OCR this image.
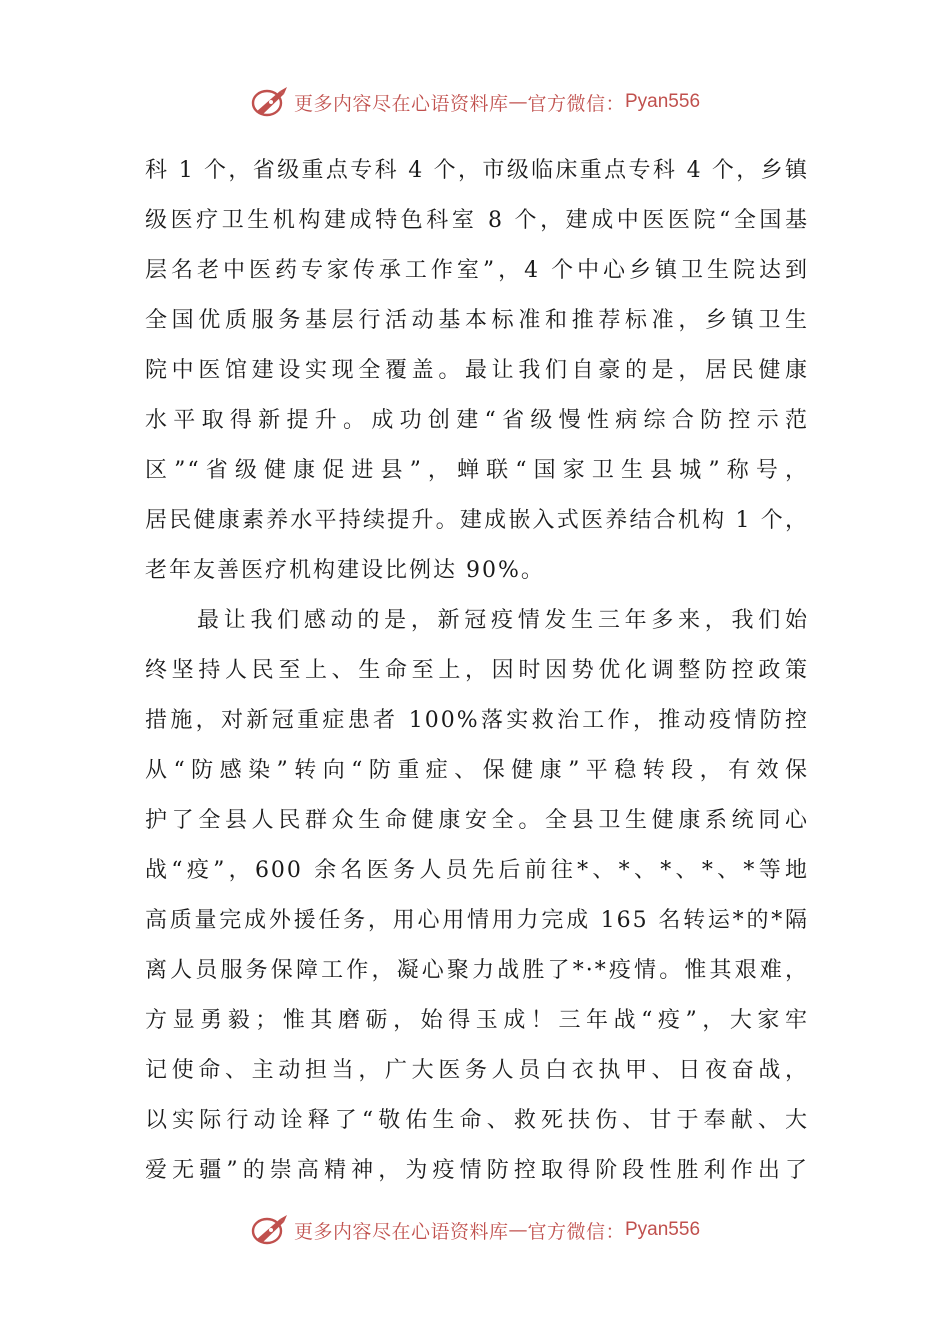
更多内容尽在心语资料库 — 官方微信： Pyan556
科 1 个，省级重点专科 4 个，市级临床重点专科 4 个，乡镇
级医疗卫生机构建成特色科室 8 个，建成中医医院“全国基
层名老中医药专家传承工作室”，4 个中心乡镇卫生院达到
全国优质服务基层行活动基本标准和推荐标准，乡镇卫生
院中医馆建设实现全覆盖。最让我们自豪的是，居民健康
水平取得新提升。成功创建“省级慢性病综合防控示范
区”“省级健康促进县”，蝉联“国家卫生县城”称号，
居民健康素养水平持续提升。建成嵌入式医养结合机构 1 个，
老年友善医疗机构建设比例达 90%。
最让我们感动的是，新冠疫情发生三年多来，我们始
终坚持人民至上、生命至上，因时因势优化调整防控政策
措施，对新冠重症患者 100%落实救治工作，推动疫情防控
从“防感染”转向“防重症、保健康”平稳转段，有效保
护了全县人民群众生命健康安全。全县卫生健康系统同心
战“疫”，600 余名医务人员先后前往*、*、*、*、*等地
高质量完成外援任务，用心用情用力完成 165 名转运*的*隔
离人员服务保障工作，凝心聚力战胜了*·*疫情。惟其艰难，
方显勇毅；惟其磨砺，始得玉成！三年战“疫”，大家牢
记使命、主动担当，广大医务人员白衣执甲、日夜奋战，
以实际行动诠释了“敬佑生命、救死扶伤、甘于奉献、大
爱无疆”的崇高精神，为疫情防控取得阶段性胜利作出了
更多内容尽在心语资料库 — 官方微信： Pyan556
